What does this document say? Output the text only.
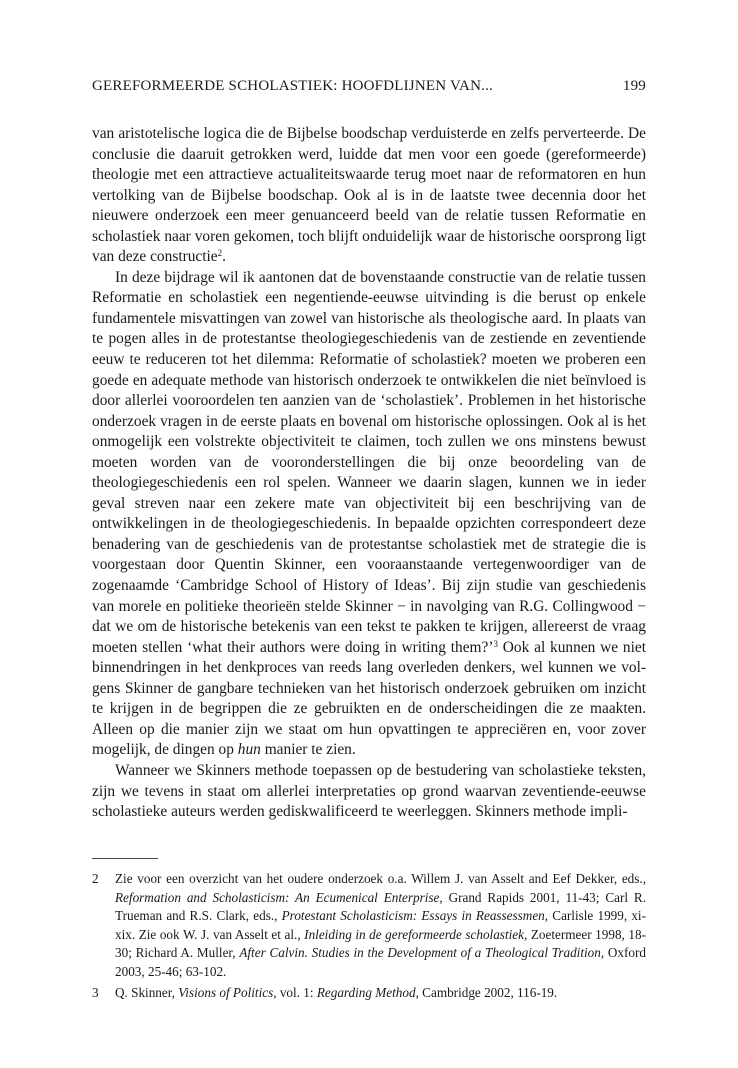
GEREFORMEERDE SCHOLASTIEK: HOOFDLIJNEN VAN...	199

van aristotelische logica die de Bijbelse boodschap verduisterde en zelfs perverteerde. De conclusie die daaruit getrokken werd, luidde dat men voor een goede (gereformeerde) theologie met een attractieve actualiteitswaarde terug moet naar de reformatoren en hun vertolking van de Bijbelse boodschap. Ook al is in de laatste twee decennia door het nieuwere onderzoek een meer genuanceerd beeld van de relatie tussen Reformatie en scholastiek naar voren gekomen, toch blijft onduidelijk waar de historische oorsprong ligt van deze constructie$^2$.

In deze bijdrage wil ik aantonen dat de bovenstaande constructie van de relatie tussen Reformatie en scholastiek een negentiende-eeuwse uitvinding is die berust op enkele fundamentele misvattingen van zowel van historische als theologische aard. In plaats van te pogen alles in de protestantse theologiegeschiedenis van de zestiende en zeventiende eeuw te reduceren tot het dilemma: Reformatie of scholastiek? moeten we proberen een goede en adequate methode van historisch onderzoek te ontwikkelen die niet beïnvloed is door allerlei vooroordelen ten aanzien van de ‘scholastiek’. Problemen in het historische onderzoek vragen in de eerste plaats en bovenal om historische oplossingen. Ook al is het onmogelijk een volstrekte objectiviteit te claimen, toch zullen we ons minstens bewust moeten worden van de vooronderstellingen die bij onze beoordeling van de theologiegeschiedenis een rol spelen. Wanneer we daarin slagen, kunnen we in ieder geval streven naar een zekere mate van objectiviteit bij een beschrijving van de ontwikkelingen in de theologiegeschiedenis. In bepaalde opzichten correspondeert deze benadering van de geschiedenis van de protestantse scholastiek met de strategie die is voorgestaan door Quentin Skinner, een vooraanstaande vertegenwoordiger van de zogenaamde ‘Cambridge School of History of Ideas’. Bij zijn studie van geschiedenis van morele en politieke theorieën stelde Skinner − in navolging van R.G. Collingwood − dat we om de historische betekenis van een tekst te pakken te krijgen, allereerst de vraag moeten stellen ‘what their authors were doing in writing them?’$^3$ Ook al kunnen we niet binnendringen in het denkproces van reeds lang overleden denkers, wel kunnen we volgens Skinner de gangbare technieken van het historisch onderzoek gebruiken om inzicht te krijgen in de begrippen die ze gebruikten en de onderscheidingen die ze maakten. Alleen op die manier zijn we staat om hun opvattingen te appreciëren en, voor zover mogelijk, de dingen op hun manier te zien.

Wanneer we Skinners methode toepassen op de bestudering van scholastieke teksten, zijn we tevens in staat om allerlei interpretaties op grond waarvan zeventiende-eeuwse scholastieke auteurs werden gediskwalificeerd te weerleggen. Skinners methode impli-

2 Zie voor een overzicht van het oudere onderzoek o.a. Willem J. van Asselt and Eef Dekker, eds., Reformation and Scholasticism: An Ecumenical Enterprise, Grand Rapids 2001, 11-43; Carl R. Trueman and R.S. Clark, eds., Protestant Scholasticism: Essays in Reassessmen, Carlisle 1999, xi-xix. Zie ook W. J. van Asselt et al., Inleiding in de gereformeerde scholastiek, Zoetermeer 1998, 18-30; Richard A. Muller, After Calvin. Studies in the Development of a Theological Tradition, Oxford 2003, 25-46; 63-102.
3 Q. Skinner, Visions of Politics, vol. 1: Regarding Method, Cambridge 2002, 116-19.
